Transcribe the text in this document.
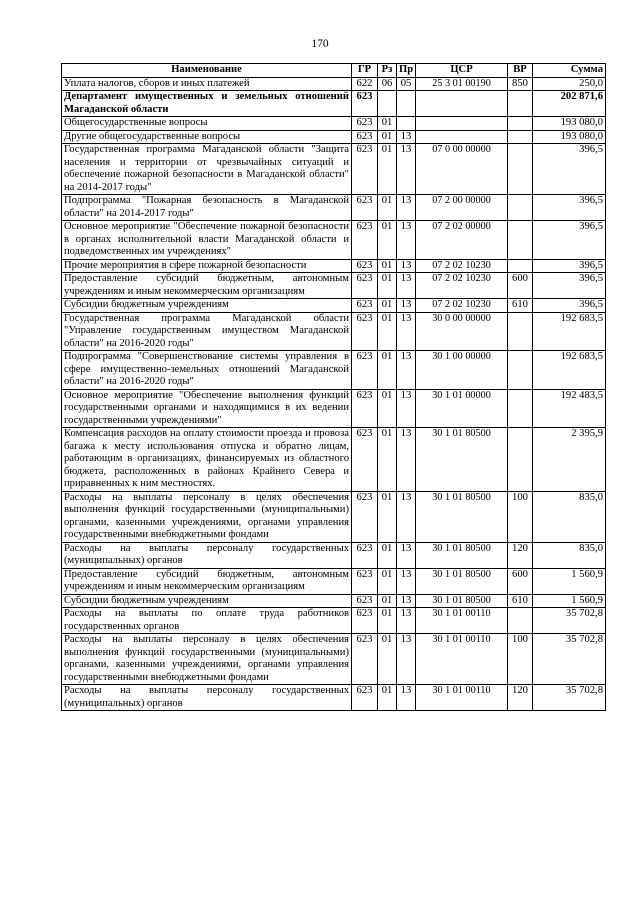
170
Наименование	ГР	Рз	Пр	ЦСР	ВР	Сумма
Уплата налогов, сборов и иных платежей	622	06	05	25 3 01 00190	850	250,0
Департамент имущественных и земельных отношений Магаданской области	623					202 871,6
Общегосударственные вопросы	623	01				193 080,0
Другие общегосударственные вопросы	623	01	13			193 080,0
Государственная программа Магаданской области "Защита населения и территории от чрезвычайных ситуаций и обеспечение пожарной безопасности в Магаданской области" на 2014-2017 годы"	623	01	13	07 0 00 00000		396,5
Подпрограмма "Пожарная безопасность в Магаданской области" на 2014-2017 годы"	623	01	13	07 2 00 00000		396,5
Основное мероприятие "Обеспечение пожарной безопасности в органах исполнительной власти Магаданской области и подведомственных им учреждениях"	623	01	13	07 2 02 00000		396,5
Прочие мероприятия в сфере пожарной безопасности	623	01	13	07 2 02 10230		396,5
Предоставление субсидий бюджетным, автономным учреждениям и иным некоммерческим организациям	623	01	13	07 2 02 10230	600	396,5
Субсидии бюджетным учреждениям	623	01	13	07 2 02 10230	610	396,5
Государственная программа Магаданской области "Управление государственным имуществом Магаданской области" на 2016-2020 годы"	623	01	13	30 0 00 00000		192 683,5
Подпрограмма "Совершенствование системы управления в сфере имущественно-земельных отношений Магаданской области" на 2016-2020 годы"	623	01	13	30 1 00 00000		192 683,5
Основное мероприятие "Обеспечение выполнения функций государственными органами и находящимися в их ведении государственными учреждениями"	623	01	13	30 1 01 00000		192 483,5
Компенсация расходов на оплату стоимости проезда и провоза багажа к месту использования отпуска и обратно лицам, работающим в организациях, финансируемых из областного бюджета, расположенных в районах Крайнего Севера и приравненных к ним местностях.	623	01	13	30 1 01 80500		2 395,9
Расходы на выплаты персоналу в целях обеспечения выполнения функций государственными (муниципальными) органами, казенными учреждениями, органами управления государственными внебюджетными фондами	623	01	13	30 1 01 80500	100	835,0
Расходы на выплаты персоналу государственных (муниципальных) органов	623	01	13	30 1 01 80500	120	835,0
Предоставление субсидий бюджетным, автономным учреждениям и иным некоммерческим организациям	623	01	13	30 1 01 80500	600	1 560,9
Субсидии бюджетным учреждениям	623	01	13	30 1 01 80500	610	1 560,9
Расходы на выплаты по оплате труда работников государственных органов	623	01	13	30 1 01 00110		35 702,8
Расходы на выплаты персоналу в целях обеспечения выполнения функций государственными (муниципальными) органами, казенными учреждениями, органами управления государственными внебюджетными фондами	623	01	13	30 1 01 00110	100	35 702,8
Расходы на выплаты персоналу государственных (муниципальных) органов	623	01	13	30 1 01 00110	120	35 702,8
